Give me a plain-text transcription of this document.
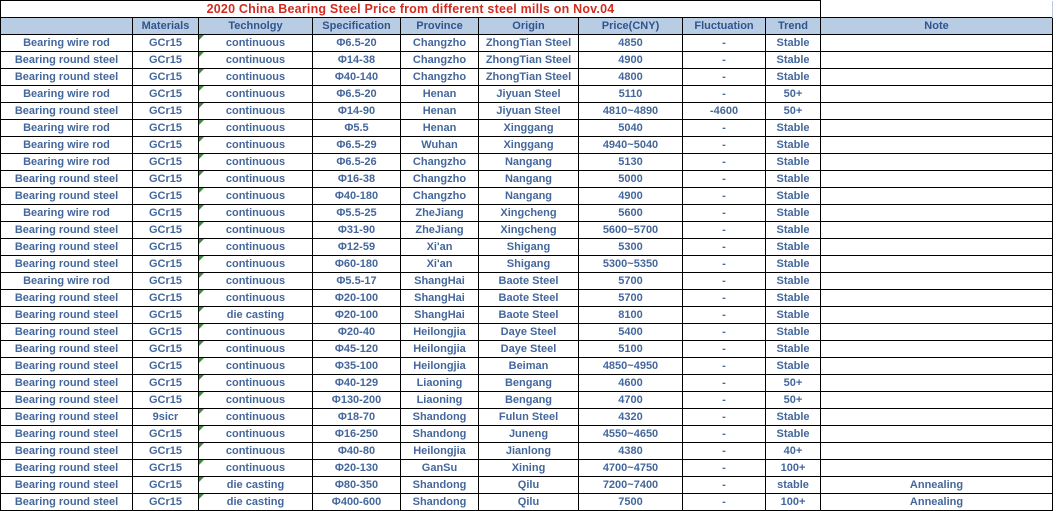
2020 China Bearing Steel Price from different steel mills on Nov.04									
	Materials	Technolgy	Specification	Province	Origin	Price(CNY)	Fluctuation	Trend	Note
Bearing wire rod	GCr15	continuous	Φ6.5-20	Changzho	ZhongTian Steel	4850	-	Stable	
Bearing round steel	GCr15	continuous	Φ14-38	Changzho	ZhongTian Steel	4900	-	Stable	
Bearing round steel	GCr15	continuous	Φ40-140	Changzho	ZhongTian Steel	4800	-	Stable	
Bearing wire rod	GCr15	continuous	Φ6.5-20	Henan	Jiyuan Steel	5110	-	50+	
Bearing round steel	GCr15	continuous	Φ14-90	Henan	Jiyuan Steel	4810~4890	-4600	50+	
Bearing wire rod	GCr15	continuous	Φ5.5	Henan	Xinggang	5040	-	Stable	
Bearing wire rod	GCr15	continuous	Φ6.5-29	Wuhan	Xinggang	4940~5040	-	Stable	
Bearing wire rod	GCr15	continuous	Φ6.5-26	Changzho	Nangang	5130	-	Stable	
Bearing round steel	GCr15	continuous	Φ16-38	Changzho	Nangang	5000	-	Stable	
Bearing round steel	GCr15	continuous	Φ40-180	Changzho	Nangang	4900	-	Stable	
Bearing wire rod	GCr15	continuous	Φ5.5-25	ZheJiang	Xingcheng	5600	-	Stable	
Bearing round steel	GCr15	continuous	Φ31-90	ZheJiang	Xingcheng	5600~5700	-	Stable	
Bearing round steel	GCr15	continuous	Φ12-59	Xi'an	Shigang	5300	-	Stable	
Bearing round steel	GCr15	continuous	Φ60-180	Xi'an	Shigang	5300~5350	-	Stable	
Bearing wire rod	GCr15	continuous	Φ5.5-17	ShangHai	Baote Steel	5700	-	Stable	
Bearing round steel	GCr15	continuous	Φ20-100	ShangHai	Baote Steel	5700	-	Stable	
Bearing round steel	GCr15	die casting	Φ20-100	ShangHai	Baote Steel	8100	-	Stable	
Bearing round steel	GCr15	continuous	Φ20-40	Heilongjia	Daye Steel	5400	-	Stable	
Bearing round steel	GCr15	continuous	Φ45-120	Heilongjia	Daye Steel	5100	-	Stable	
Bearing round steel	GCr15	continuous	Φ35-100	Heilongjia	Beiman	4850~4950	-	Stable	
Bearing round steel	GCr15	continuous	Φ40-129	Liaoning	Bengang	4600	-	50+	
Bearing round steel	GCr15	continuous	Φ130-200	Liaoning	Bengang	4700	-	50+	
Bearing round steel	9sicr	continuous	Φ18-70	Shandong	Fulun Steel	4320	-	Stable	
Bearing round steel	GCr15	continuous	Φ16-250	Shandong	Juneng	4550~4650	-	Stable	
Bearing round steel	GCr15	continuous	Φ40-80	Heilongjia	Jianlong	4380	-	40+	
Bearing round steel	GCr15	continuous	Φ20-130	GanSu	Xining	4700~4750	-	100+	
Bearing round steel	GCr15	die casting	Φ80-350	Shandong	Qilu	7200~7400	-	stable	Annealing
Bearing round steel	GCr15	die casting	Φ400-600	Shandong	Qilu	7500	-	100+	Annealing
